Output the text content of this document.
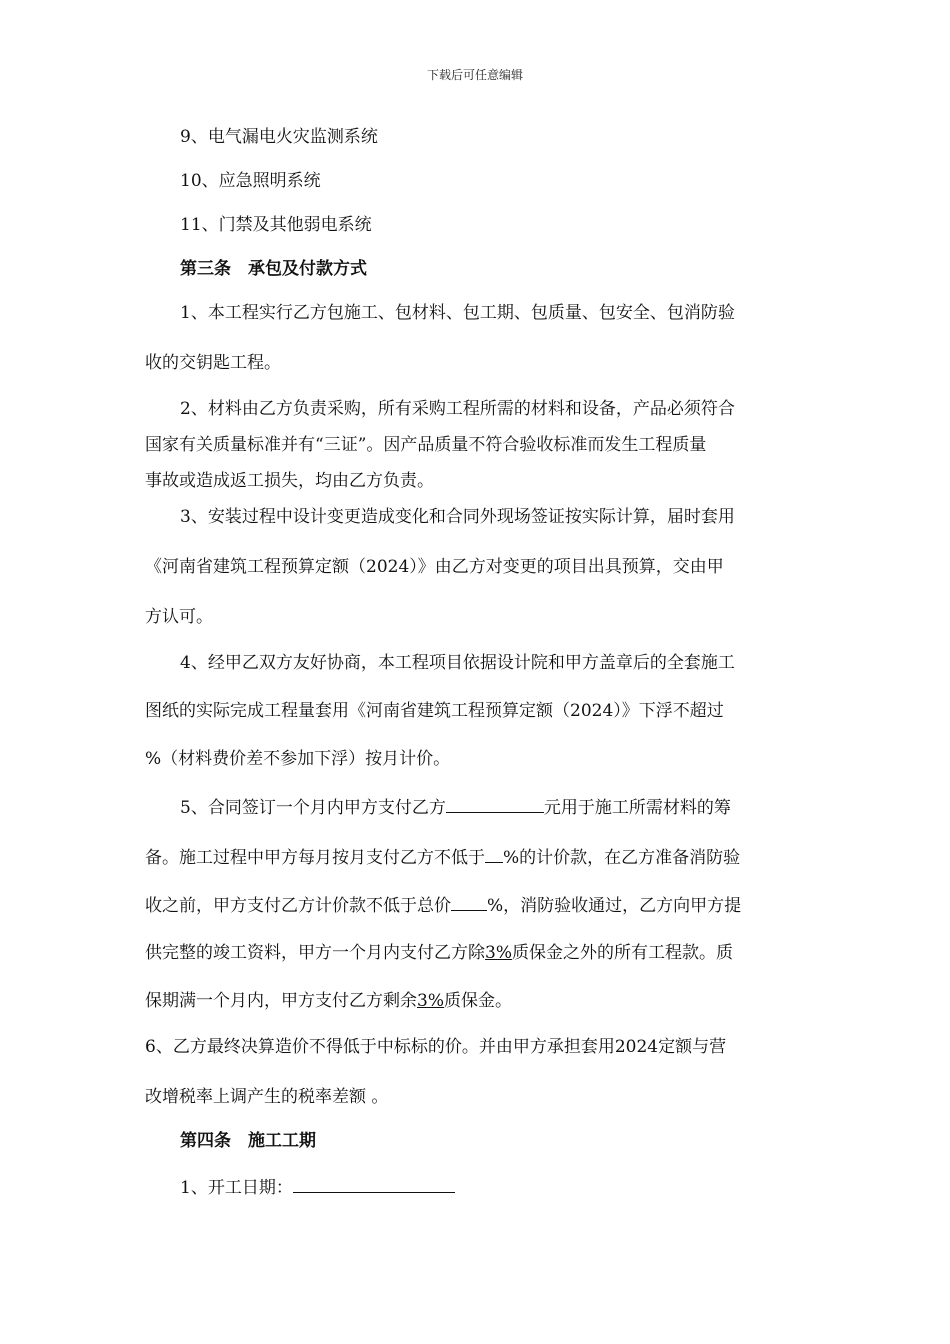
下载后可任意编辑
9、电气漏电火灾监测系统
10、应急照明系统
11、门禁及其他弱电系统
第三条　承包及付款方式
1、本工程实行乙方包施工、包材料、包工期、包质量、包安全、包消防验
收的交钥匙工程。
2、材料由乙方负责采购，所有采购工程所需的材料和设备，产品必须符合
国家有关质量标准并有“三证”。因产品质量不符合验收标准而发生工程质量
事故或造成返工损失，均由乙方负责。
3、安装过程中设计变更造成变化和合同外现场签证按实际计算，届时套用
《河南省建筑工程预算定额（2024）》由乙方对变更的项目出具预算，交由甲
方认可。
4、经甲乙双方友好协商，本工程项目依据设计院和甲方盖章后的全套施工
图纸的实际完成工程量套用《河南省建筑工程预算定额（2024）》下浮不超过
%（材料费价差不参加下浮）按月计价。
5、合同签订一个月内甲方支付乙方	元用于施工所需材料的筹
备。施工过程中甲方每月按月支付乙方不低于 %的计价款，在乙方准备消防验
收之前，甲方支付乙方计价款不低于总价 %，消防验收通过，乙方向甲方提
供完整的竣工资料，甲方一个月内支付乙方除3%质保金之外的所有工程款。质
保期满一个月内，甲方支付乙方剩余3%质保金。
6、乙方最终决算造价不得低于中标标的价。并由甲方承担套用2024定额与营
改增税率上调产生的税率差额 。
第四条　施工工期
1、开工日期：
